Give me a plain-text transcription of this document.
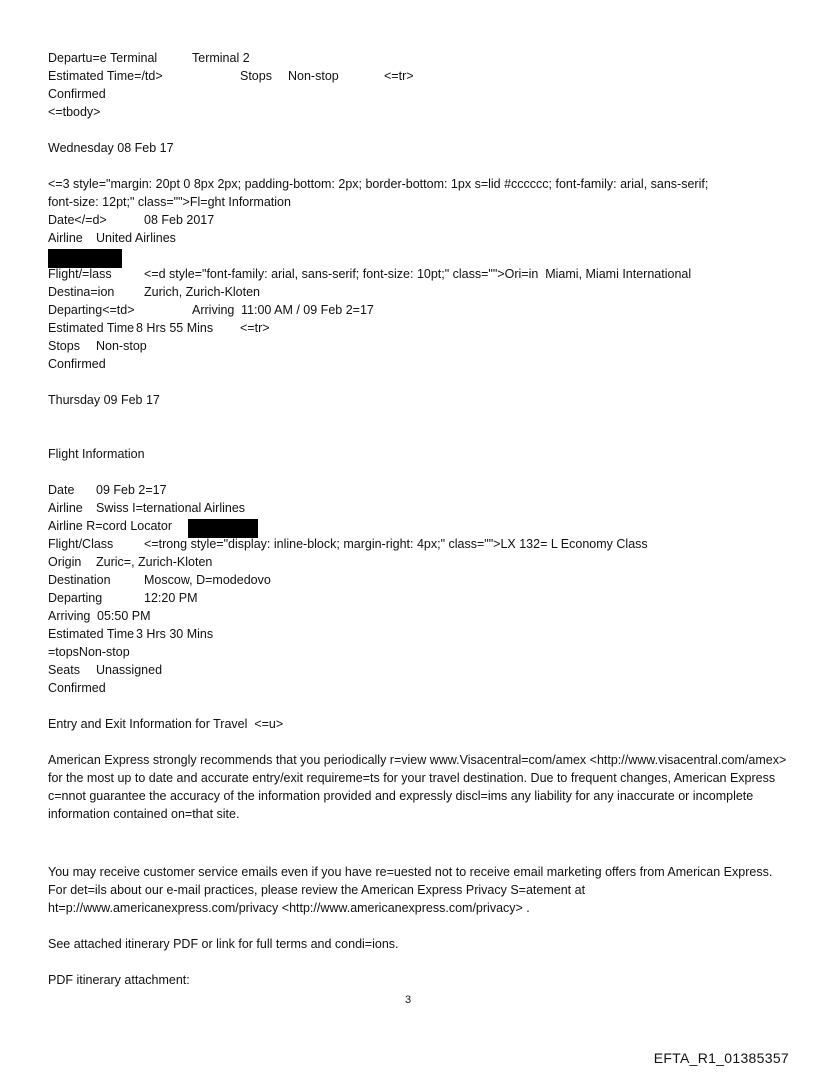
Departu=e Terminal	Terminal 2
Estimated Time=/td>	Stops Non-stop	<=tr>
Confirmed
<=tbody>
Wednesday 08 Feb 17
<=3 style="margin: 20pt 0 8px 2px; padding-bottom: 2px; border-bottom: 1px s=lid #cccccc; font-family: arial, sans-serif;
font-size: 12pt;" class="">Fl=ght Information
Date</=d>	08 Feb 2017
Airline United Airlines
Flight/=lass	<=d style="font-family: arial, sans-serif; font-size: 10pt;" class="">Ori=in  Miami, Miami International
Destina=ion Zurich, Zurich-Kloten
Departing<=td>	Arriving 11:00 AM / 09 Feb 2=17
Estimated Time 8 Hrs 55 Mins <=tr>
Stops Non-stop
Confirmed
Thursday 09 Feb 17
Flight Information
Date 09 Feb 2=17
Airline Swiss I=ternational Airlines
Airline R=cord Locator
Flight/Class <=trong style="display: inline-block; margin-right: 4px;" class="">LX 132= L Economy Class
Origin Zuric=, Zurich-Kloten
Destination	Moscow, D=modedovo
Departing	12:20 PM
Arriving 05:50 PM
Estimated Time 3 Hrs 30 Mins
=topsNon-stop
Seats Unassigned
Confirmed
Entry and Exit Information for Travel  <=u>
American Express strongly recommends that you periodically r=view www.Visacentral=com/amex <http://www.visacentral.com/amex> for the most up to date and accurate entry/exit requireme=ts for your travel destination. Due to frequent changes, American Express c=nnot guarantee the accuracy of the information provided and expressly discl=ims any liability for any inaccurate or incomplete information contained on=that site.
You may receive customer service emails even if you have re=uested not to receive email marketing offers from American Express. For det=ils about our e-mail practices, please review the American Express Privacy S=atement at ht=p://www.americanexpress.com/privacy <http://www.americanexpress.com/privacy> .
See attached itinerary PDF or link for full terms and condi=ions.
PDF itinerary attachment:
3
EFTA_R1_01385357
